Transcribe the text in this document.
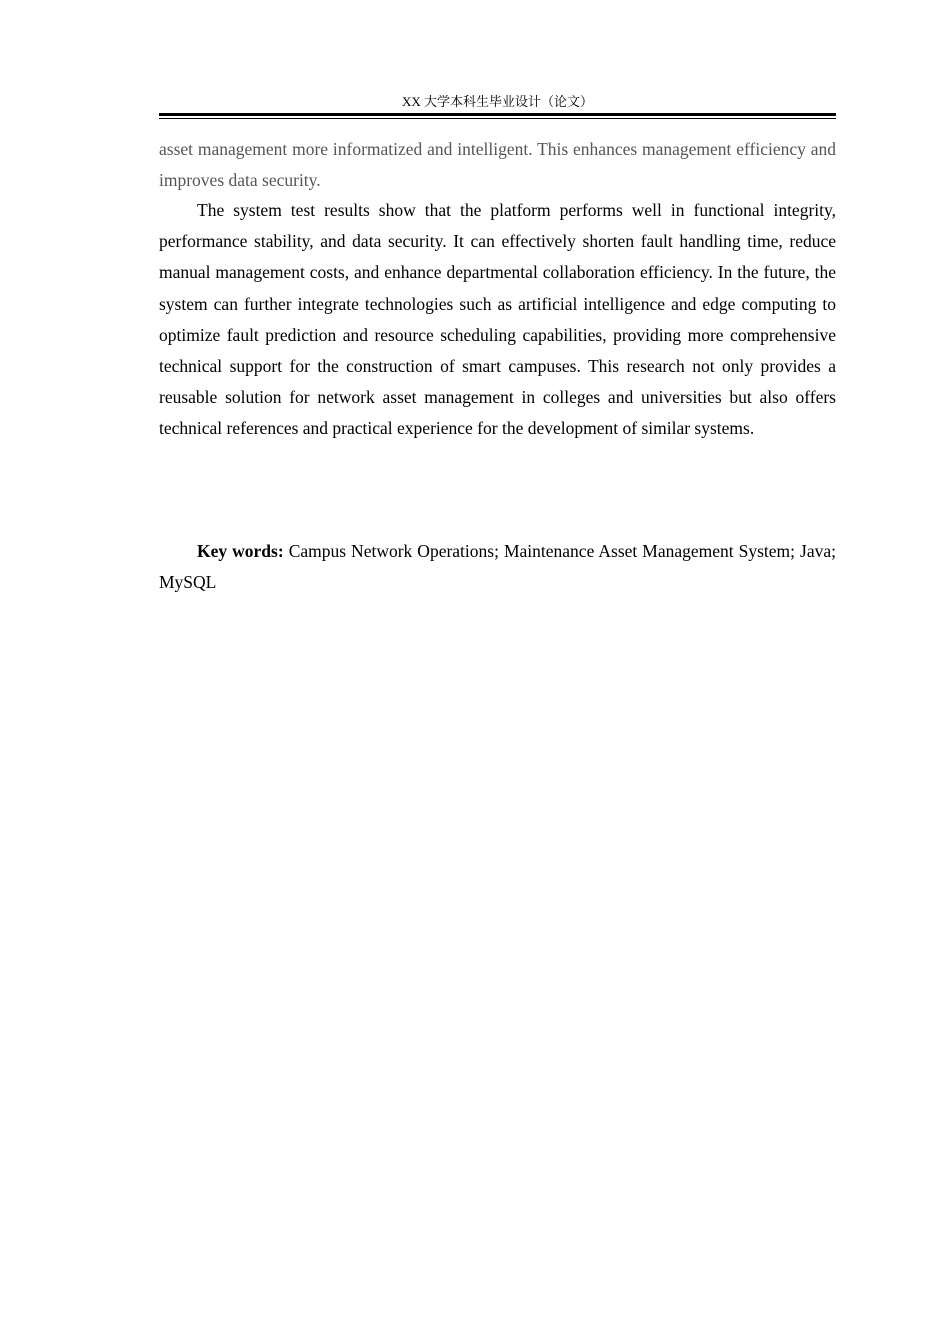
XX 大学本科生毕业设计（论文）

asset management more informatized and intelligent. This enhances management efficiency and improves data security.

The system test results show that the platform performs well in functional integrity, performance stability, and data security. It can effectively shorten fault handling time, reduce manual management costs, and enhance departmental collaboration efficiency. In the future, the system can further integrate technologies such as artificial intelligence and edge computing to optimize fault prediction and resource scheduling capabilities, providing more comprehensive technical support for the construction of smart campuses. This research not only provides a reusable solution for network asset management in colleges and universities but also offers technical references and practical experience for the development of similar systems.

Key words: Campus Network Operations; Maintenance Asset Management System; Java; MySQL
